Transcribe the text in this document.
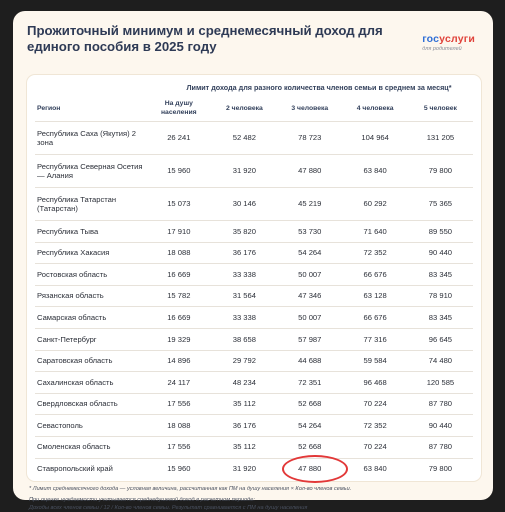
Прожиточный минимум и среднемесячный доход для единого пособия в 2025 году	госуслуги
для родителей
Лимит дохода для разного количества членов семьи в среднем за месяц*
Регион	На душу населения	2 человека	3 человека	4 человека	5 человек
Республика Саха (Якутия) 2 зона	26 241	52 482	78 723	104 964	131 205
Республика Северная Осетия — Алания	15 960	31 920	47 880	63 840	79 800
Республика Татарстан (Татарстан)	15 073	30 146	45 219	60 292	75 365
Республика Тыва	17 910	35 820	53 730	71 640	89 550
Республика Хакасия	18 088	36 176	54 264	72 352	90 440
Ростовская область	16 669	33 338	50 007	66 676	83 345
Рязанская область	15 782	31 564	47 346	63 128	78 910
Самарская область	16 669	33 338	50 007	66 676	83 345
Санкт-Петербург	19 329	38 658	57 987	77 316	96 645
Саратовская область	14 896	29 792	44 688	59 584	74 480
Сахалинская область	24 117	48 234	72 351	96 468	120 585
Свердловская область	17 556	35 112	52 668	70 224	87 780
Севастополь	18 088	36 176	54 264	72 352	90 440
Смоленская область	17 556	35 112	52 668	70 224	87 780
Ставропольский край	15 960	31 920	47 880	63 840	79 800

* Лимит среднемесячного дохода — условная величина, рассчитанная как ПМ на душу населения × Кол-во членов семьи.

При оценке нуждаемости учитывается среднедушевой доход в расчетном периоде:
Доходы всех членов семьи / 12 / Кол-во членов семьи. Результат сравнивается с ПМ на душу населения
